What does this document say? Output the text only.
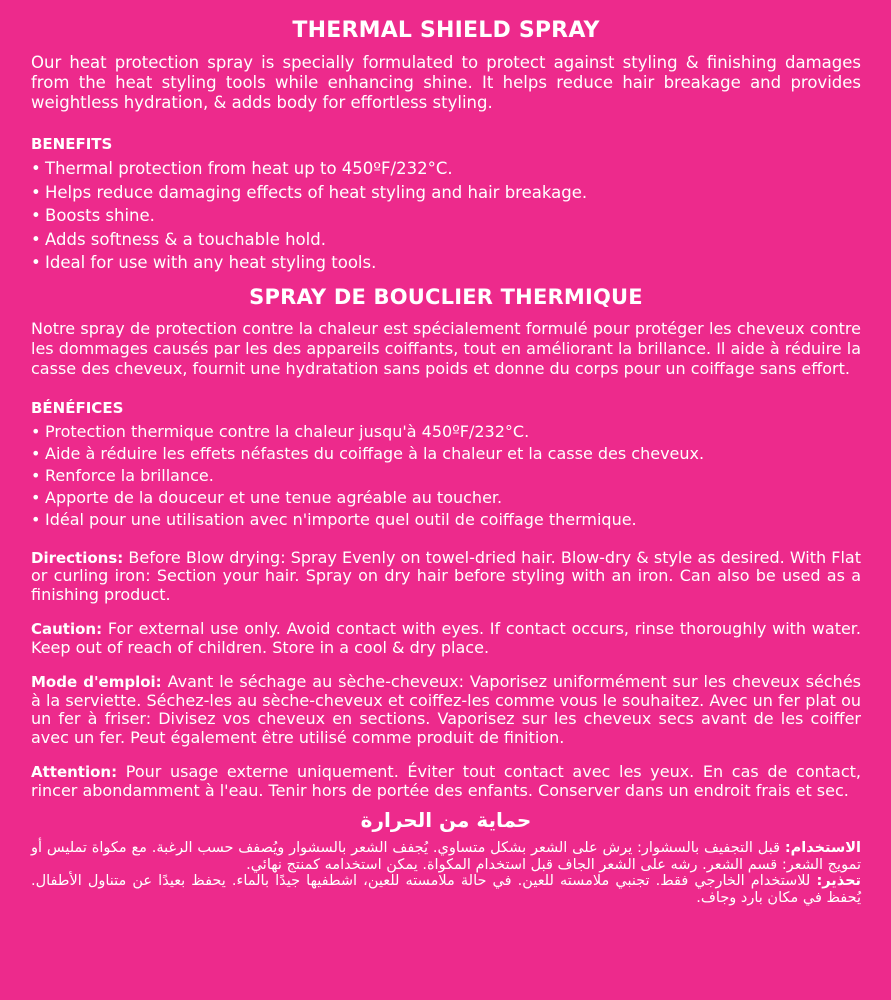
THERMAL SHIELD SPRAY

Our heat protection spray is specially formulated to protect against styling & finishing damages from the heat styling tools while enhancing shine. It helps reduce hair breakage and provides weightless hydration, & adds body for effortless styling.

BENEFITS
• Thermal protection from heat up to 450ºF/232°C.
• Helps reduce damaging effects of heat styling and hair breakage.
• Boosts shine.
• Adds softness & a touchable hold.
• Ideal for use with any heat styling tools.
SPRAY DE BOUCLIER THERMIQUE

Notre spray de protection contre la chaleur est spécialement formulé pour protéger les cheveux contre les dommages causés par les des appareils coiffants, tout en améliorant la brillance. Il aide à réduire la casse des cheveux, fournit une hydratation sans poids et donne du corps pour un coiffage sans effort.

BÉNÉFICES
• Protection thermique contre la chaleur jusqu'à 450ºF/232°C.
• Aide à réduire les effets néfastes du coiffage à la chaleur et la casse des cheveux.
• Renforce la brillance.
• Apporte de la douceur et une tenue agréable au toucher.
• Idéal pour une utilisation avec n'importe quel outil de coiffage thermique.

Directions: Before Blow drying: Spray Evenly on towel-dried hair. Blow-dry & style as desired. With Flat or curling iron: Section your hair. Spray on dry hair before styling with an iron. Can also be used as a finishing product.

Caution: For external use only. Avoid contact with eyes. If contact occurs, rinse thoroughly with water. Keep out of reach of children. Store in a cool & dry place.

Mode d'emploi: Avant le séchage au sèche-cheveux: Vaporisez uniformément sur les cheveux séchés à la serviette. Séchez-les au sèche-cheveux et coiffez-les comme vous le souhaitez. Avec un fer plat ou un fer à friser: Divisez vos cheveux en sections. Vaporisez sur les cheveux secs avant de les coiffer avec un fer. Peut également être utilisé comme produit de finition.

Attention: Pour usage externe uniquement. Éviter tout contact avec les yeux. En cas de contact, rincer abondamment à l'eau. Tenir hors de portée des enfants. Conserver dans un endroit frais et sec.

حماية من الحرارة

الاستخدام: قبل التجفيف بالسشوار: يرش على الشعر بشكل متساوي. يُجفف الشعر بالسشوار ويُصفف حسب الرغبة. مع مكواة تمليس أو تمويج الشعر: قسم الشعر. رشه على الشعر الجاف قبل استخدام المكواة. يمكن استخدامه كمنتج نهائي.

تحذير: للاستخدام الخارجي فقط. تجنبي ملامسته للعين. في حالة ملامسته للعين، اشطفيها جيدًا بالماء. يحفظ بعيدًا عن متناول الأطفال. يُحفظ في مكان بارد وجاف.
